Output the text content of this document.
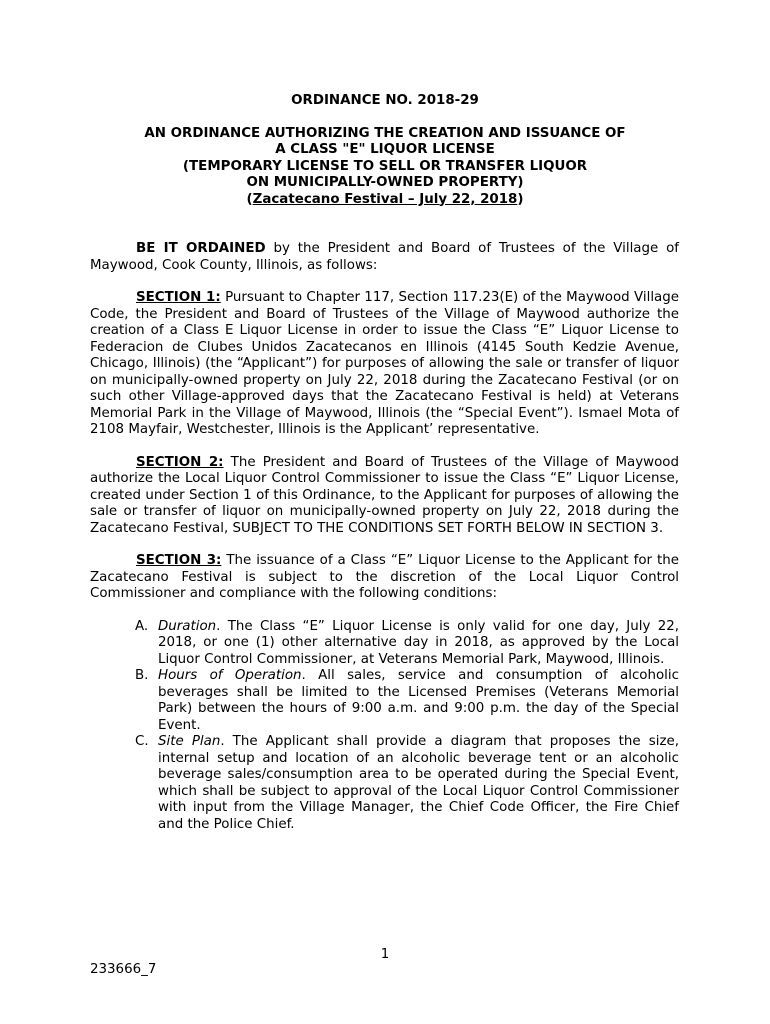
ORDINANCE NO. 2018-29
AN ORDINANCE AUTHORIZING THE CREATION AND ISSUANCE OF
A CLASS "E" LIQUOR LICENSE
(TEMPORARY LICENSE TO SELL OR TRANSFER LIQUOR
ON MUNICIPALLY-OWNED PROPERTY)
(Zacatecano Festival – July 22, 2018)

BE IT ORDAINED by the President and Board of Trustees of the Village of Maywood, Cook County, Illinois, as follows:

SECTION 1: Pursuant to Chapter 117, Section 117.23(E) of the Maywood Village Code, the President and Board of Trustees of the Village of Maywood authorize the creation of a Class E Liquor License in order to issue the Class “E” Liquor License to Federacion de Clubes Unidos Zacatecanos en Illinois (4145 South Kedzie Avenue, Chicago, Illinois) (the “Applicant”) for purposes of allowing the sale or transfer of liquor on municipally-owned property on July 22, 2018 during the Zacatecano Festival (or on such other Village-approved days that the Zacatecano Festival is held) at Veterans Memorial Park in the Village of Maywood, Illinois (the “Special Event”). Ismael Mota of 2108 Mayfair, Westchester, Illinois is the Applicant’ representative.

SECTION 2: The President and Board of Trustees of the Village of Maywood authorize the Local Liquor Control Commissioner to issue the Class “E” Liquor License, created under Section 1 of this Ordinance, to the Applicant for purposes of allowing the sale or transfer of liquor on municipally-owned property on July 22, 2018 during the Zacatecano Festival, SUBJECT TO THE CONDITIONS SET FORTH BELOW IN SECTION 3.

SECTION 3: The issuance of a Class “E” Liquor License to the Applicant for the Zacatecano Festival is subject to the discretion of the Local Liquor Control Commissioner and compliance with the following conditions:

A. Duration. The Class “E” Liquor License is only valid for one day, July 22, 2018, or one (1) other alternative day in 2018, as approved by the Local Liquor Control Commissioner, at Veterans Memorial Park, Maywood, Illinois.
B. Hours of Operation. All sales, service and consumption of alcoholic beverages shall be limited to the Licensed Premises (Veterans Memorial Park) between the hours of 9:00 a.m. and 9:00 p.m. the day of the Special Event.
C. Site Plan. The Applicant shall provide a diagram that proposes the size, internal setup and location of an alcoholic beverage tent or an alcoholic beverage sales/consumption area to be operated during the Special Event, which shall be subject to approval of the Local Liquor Control Commissioner with input from the Village Manager, the Chief Code Officer, the Fire Chief and the Police Chief.
1
233666_7
